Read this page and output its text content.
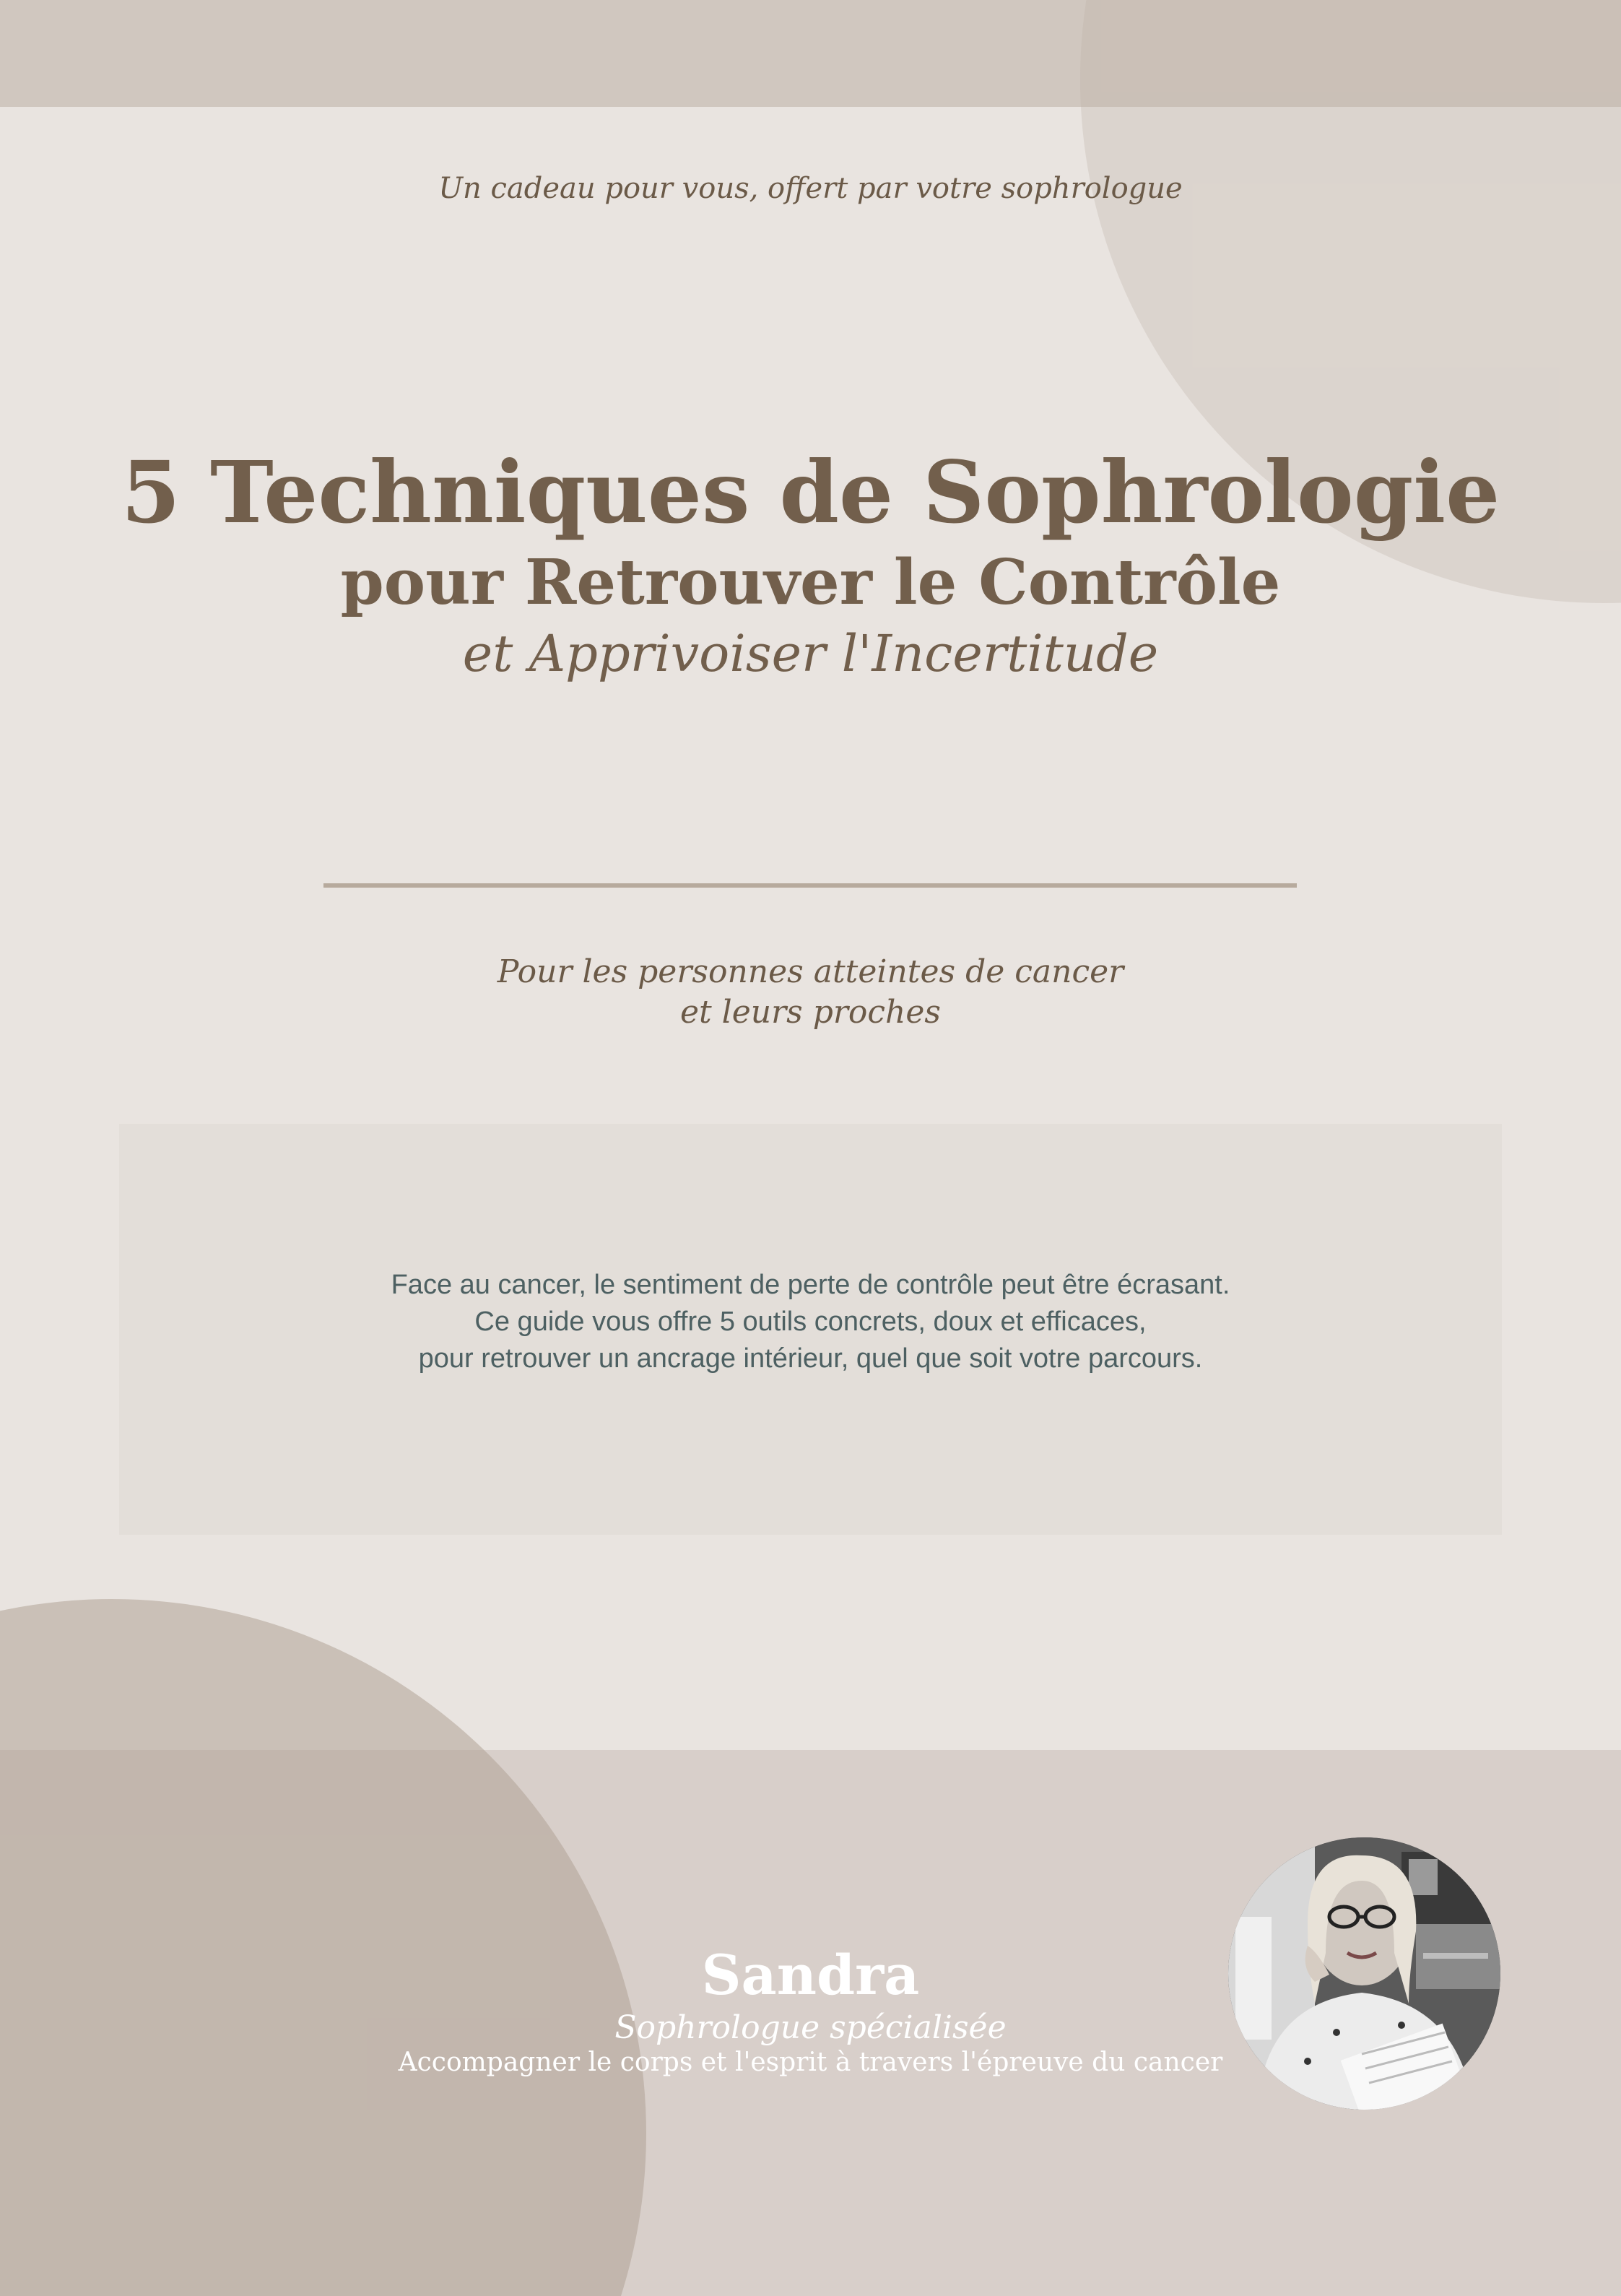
Un cadeau pour vous, offert par votre sophrologue
5 Techniques de Sophrologie
pour Retrouver le Contrôle
et Apprivoiser l'Incertitude
Pour les personnes atteintes de cancer
et leurs proches
Face au cancer, le sentiment de perte de contrôle peut être écrasant.
Ce guide vous offre 5 outils concrets, doux et efficaces,
pour retrouver un ancrage intérieur, quel que soit votre parcours.
Sandra
Sophrologue spécialisée
Accompagner le corps et l'esprit à travers l'épreuve du cancer
